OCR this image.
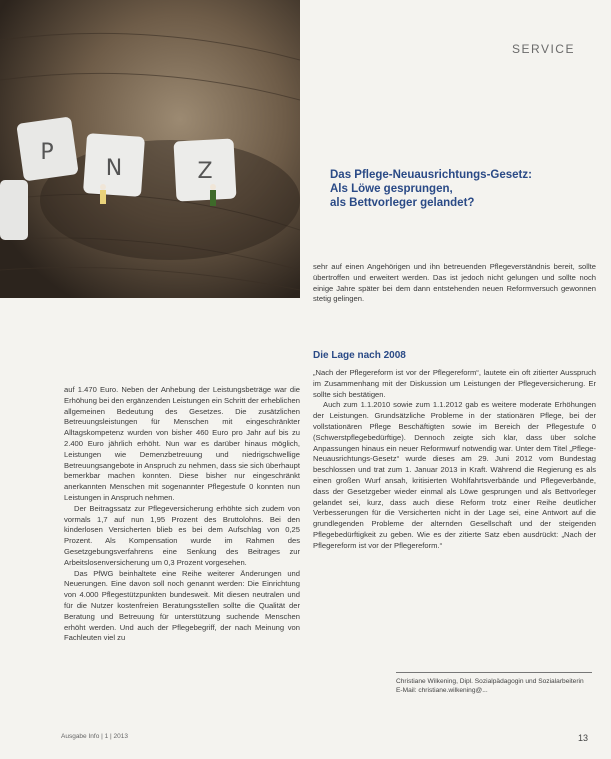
P
N	Z
SERVICE
Das Pflege-Neuausrichtungs-Gesetz:
Als Löwe gesprungen,
als Bettvorleger gelandet?

sehr auf einen Angehörigen und ihn betreuenden Pflegeverständnis bereit, sollte übertroffen und erweitert werden. Das ist jedoch nicht gelungen und sollte noch einige Jahre später bei dem dann entstehenden neuen Reformversuch gewonnen stetig gelingen.

Die Lage nach 2008

„Nach der Pflegereform ist vor der Pflegereform“, lautete ein oft zitierter Ausspruch im Zusammenhang mit der Diskussion um Leistungen der Pflegeversicherung. Er sollte sich bestätigen.

Auch zum 1.1.2010 sowie zum 1.1.2012 gab es weitere moderate Erhöhungen der Leistungen. Grundsätzliche Probleme in der stationären Pflege, bei der vollstationären Pflege Beschäftigten sowie im Bereich der Pflegestufe 0 (Schwerstpflegebedürftige). Dennoch zeigte sich klar, dass über solche Anpassungen hinaus ein neuer Reformwurf notwendig war. Unter dem Titel „Pflege-Neuausrichtungs-Gesetz“ wurde dieses am 29. Juni 2012 vom Bundestag beschlossen und trat zum 1. Januar 2013 in Kraft. Während die Regierung es als einen großen Wurf ansah, kritisierten Wohlfahrtsverbände und Pflegeverbände, dass der Gesetzgeber wieder einmal als Löwe gesprungen und als Bettvorleger gelandet sei, kurz, dass auch diese Reform trotz einer Reihe deutlicher Verbesserungen für die Versicherten nicht in der Lage sei, eine Antwort auf die grundlegenden Probleme der alternden Gesellschaft und der steigenden Pflegebedürftigkeit zu geben. Wie es der zitierte Satz eben ausdrückt: „Nach der Pflegereform ist vor der Pflegereform.“

auf 1.470 Euro. Neben der Anhebung der Leistungsbeträge war die Erhöhung bei den ergänzenden Leistungen ein Schritt der erheblichen allgemeinen Bedeutung des Gesetzes. Die zusätzlichen Betreuungsleistungen für Menschen mit eingeschränkter Alltagskompetenz wurden von bisher 460 Euro pro Jahr auf bis zu 2.400 Euro jährlich erhöht. Nun war es darüber hinaus möglich, Leistungen wie Demenzbetreuung und niedrigschwellige Betreuungsangebote in Anspruch zu nehmen, dass sie sich überhaupt bemerkbar machen konnten. Diese bisher nur eingeschränkt anerkannten Menschen mit sogenannter Pflegestufe 0 konnten nun Leistungen in Anspruch nehmen.

Der Beitragssatz zur Pflegeversicherung erhöhte sich zudem von vormals 1,7 auf nun 1,95 Prozent des Bruttolohns. Bei den kinderlosen Versicherten blieb es bei dem Aufschlag von 0,25 Prozent. Als Kompensation wurde im Rahmen des Gesetzgebungsverfahrens eine Senkung des Beitrages zur Arbeitslosenversicherung um 0,3 Prozent vorgesehen.

Das PfWG beinhaltete eine Reihe weiterer Änderungen und Neuerungen. Eine davon soll noch genannt werden: Die Einrichtung von 4.000 Pflegestützpunkten bundesweit. Mit diesen neutralen und für die Nutzer kostenfreien Beratungsstellen sollte die Qualität der Beratung und Betreuung für unterstützung suchende Menschen erhöht werden. Und auch der Pflegebegriff, der nach Meinung von Fachleuten viel zu

Christiane Wilkening, Dipl. Sozialpädagogin und Sozialarbeiterin
E-Mail: christiane.wilkening@...
Ausgabe Info | 1 | 2013	13
